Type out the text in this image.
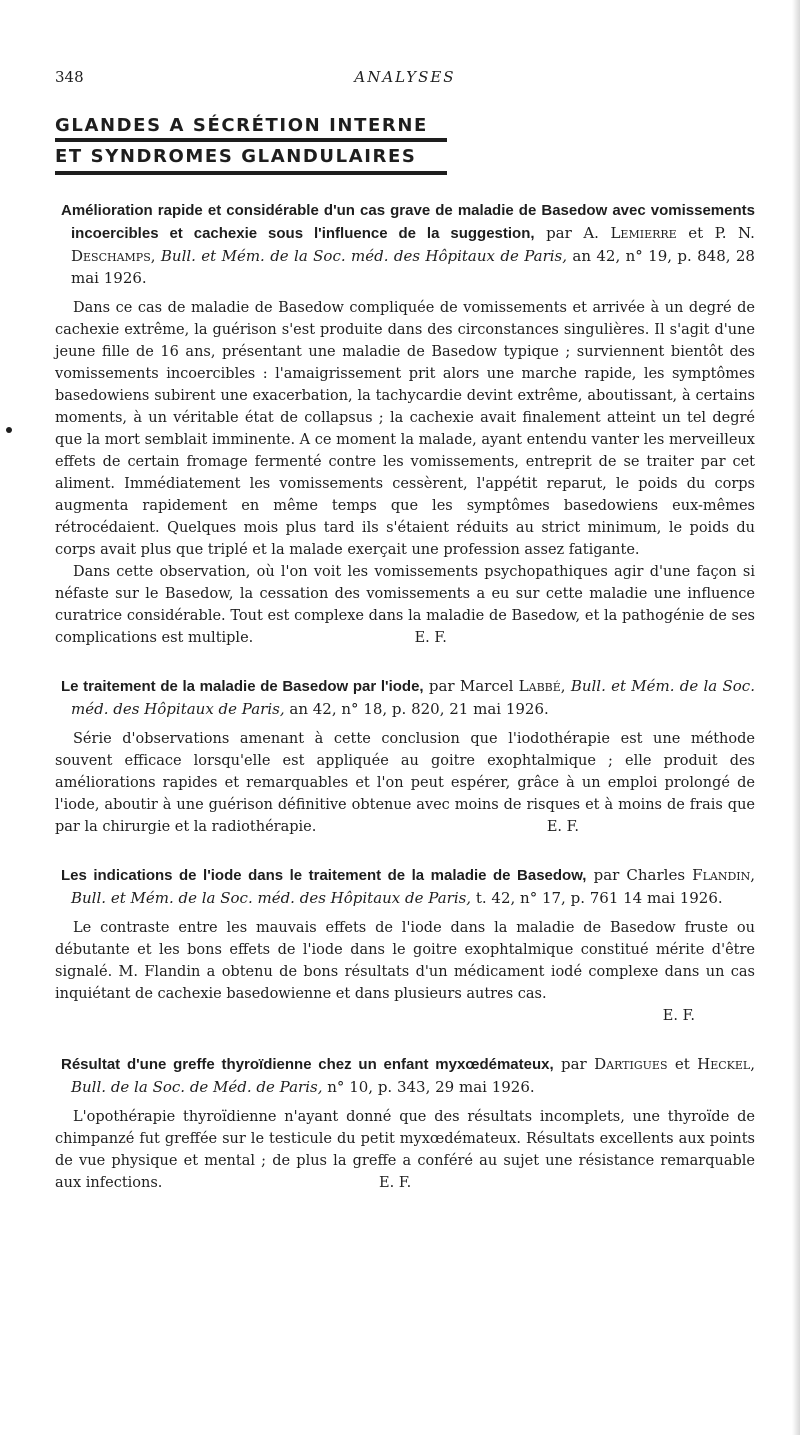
348	ANALYSES
GLANDES A SÉCRÉTION INTERNE
ET SYNDROMES GLANDULAIRES
Amélioration rapide et considérable d'un cas grave de maladie de Basedow avec vomissements incoercibles et cachexie sous l'influence de la suggestion, par A. Lemierre et P. N. Deschamps, Bull. et Mém. de la Soc. méd. des Hôpitaux de Paris, an 42, n° 19, p. 848, 28 mai 1926.

Dans ce cas de maladie de Basedow compliquée de vomissements et arrivée à un degré de cachexie extrême, la guérison s'est produite dans des circonstances singulières. Il s'agit d'une jeune fille de 16 ans, présentant une maladie de Basedow typique ; surviennent bientôt des vomissements incoercibles : l'amaigrissement prit alors une marche rapide, les symptômes basedowiens subirent une exacerbation, la tachycardie devint extrême, aboutissant, à certains moments, à un véritable état de collapsus ; la cachexie avait finalement atteint un tel degré que la mort semblait imminente. A ce moment la malade, ayant entendu vanter les merveilleux effets de certain fromage fermenté contre les vomissements, entreprit de se traiter par cet aliment. Immédiatement les vomissements cessèrent, l'appétit reparut, le poids du corps augmenta rapidement en même temps que les symptômes basedowiens eux-mêmes rétrocédaient. Quelques mois plus tard ils s'étaient réduits au strict minimum, le poids du corps avait plus que triplé et la malade exerçait une profession assez fatigante.

Dans cette observation, où l'on voit les vomissements psychopathiques agir d'une façon si néfaste sur le Basedow, la cessation des vomissements a eu sur cette maladie une influence curatrice considérable. Tout est complexe dans la maladie de Basedow, et la pathogénie de ses complications est multiple.	E. F.

Le traitement de la maladie de Basedow par l'iode, par Marcel Labbé, Bull. et Mém. de la Soc. méd. des Hôpitaux de Paris, an 42, n° 18, p. 820, 21 mai 1926.

Série d'observations amenant à cette conclusion que l'iodothérapie est une méthode souvent efficace lorsqu'elle est appliquée au goitre exophtalmique ; elle produit des améliorations rapides et remarquables et l'on peut espérer, grâce à un emploi prolongé de l'iode, aboutir à une guérison définitive obtenue avec moins de risques et à moins de frais que par la chirurgie et la radiothérapie.	E. F.

Les indications de l'iode dans le traitement de la maladie de Basedow, par Charles Flandin, Bull. et Mém. de la Soc. méd. des Hôpitaux de Paris, t. 42, n° 17, p. 761 14 mai 1926.

Le contraste entre les mauvais effets de l'iode dans la maladie de Basedow fruste ou débutante et les bons effets de l'iode dans le goitre exophtalmique constitué mérite d'être signalé. M. Flandin a obtenu de bons résultats d'un médicament iodé complexe dans un cas inquiétant de cachexie basedowienne et dans plusieurs autres cas.

E. F.
Résultat d'une greffe thyroïdienne chez un enfant myxœdémateux, par Dartigues et Heckel, Bull. de la Soc. de Méd. de Paris, n° 10, p. 343, 29 mai 1926.

L'opothérapie thyroïdienne n'ayant donné que des résultats incomplets, une thyroïde de chimpanzé fut greffée sur le testicule du petit myxœdémateux. Résultats excellents aux points de vue physique et mental ; de plus la greffe a conféré au sujet une résistance remarquable aux infections.	E. F.
